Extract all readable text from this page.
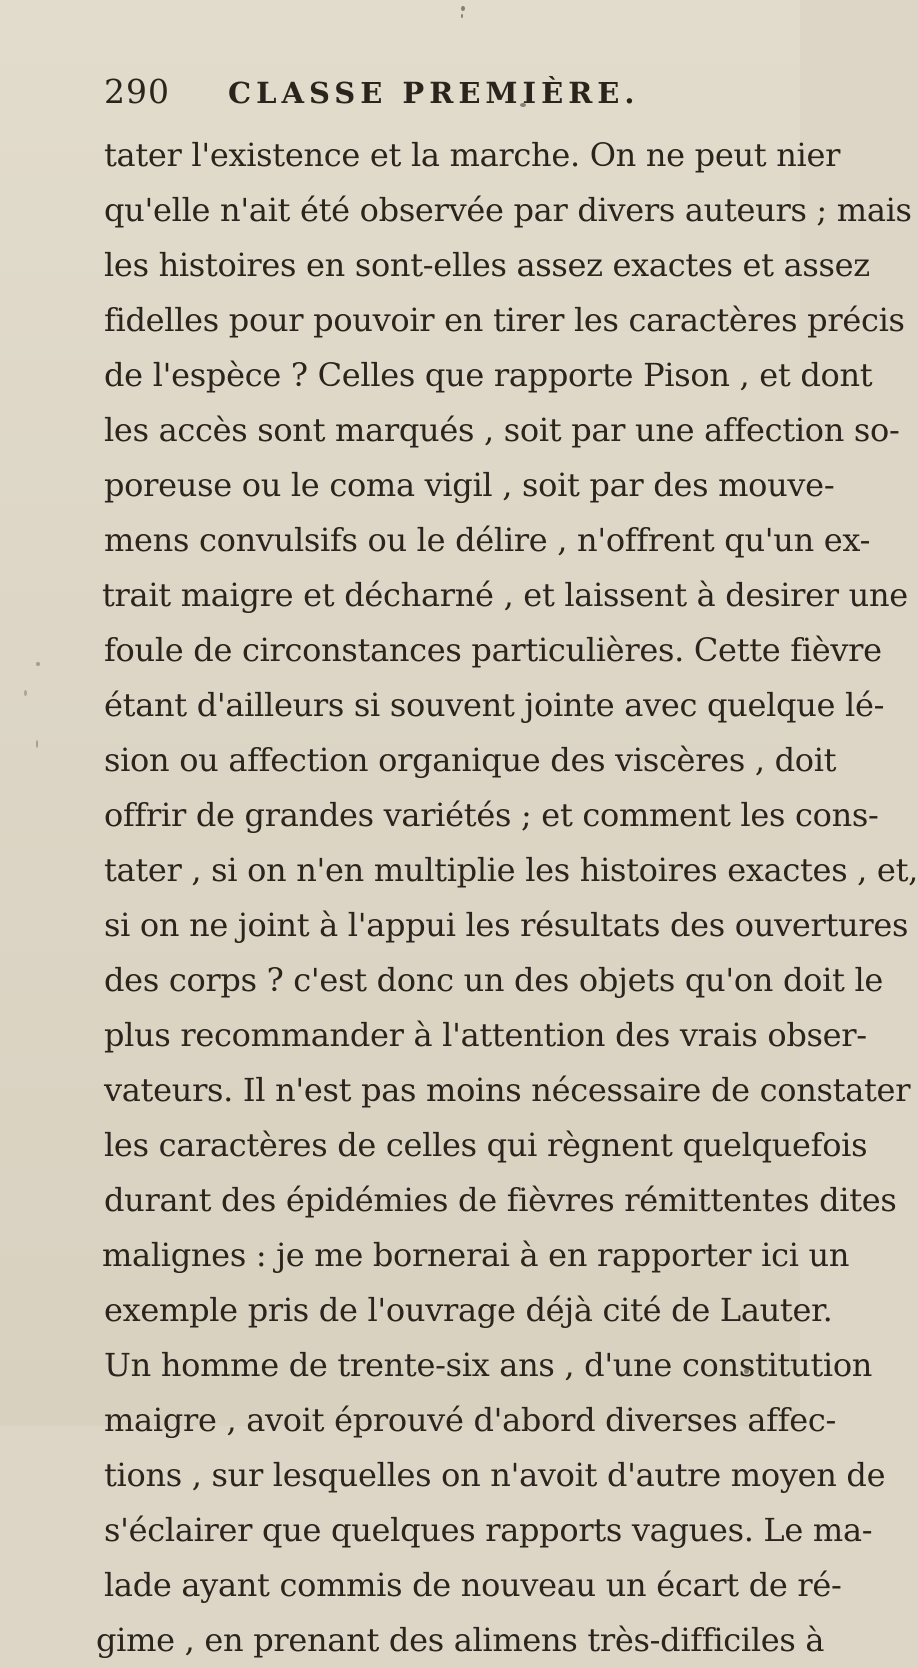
290 CLASSE PREMIÈRE.
tater l'existence et la marche. On ne peut nier
qu'elle n'ait été observée par divers auteurs ; mais
les histoires en sont-elles assez exactes et assez
fidelles pour pouvoir en tirer les caractères précis
de l'espèce ? Celles que rapporte Pison , et dont
les accès sont marqués , soit par une affection so-
poreuse ou le coma vigil , soit par des mouve-
mens convulsifs ou le délire , n'offrent qu'un ex-
trait maigre et décharné , et laissent à desirer une
foule de circonstances particulières. Cette fièvre
étant d'ailleurs si souvent jointe avec quelque lé-
sion ou affection organique des viscères , doit
offrir de grandes variétés ; et comment les cons-
tater , si on n'en multiplie les histoires exactes , et,
si on ne joint à l'appui les résultats des ouvertures
des corps ? c'est donc un des objets qu'on doit le
plus recommander à l'attention des vrais obser-
vateurs. Il n'est pas moins nécessaire de constater
les caractères de celles qui règnent quelquefois
durant des épidémies de fièvres rémittentes dites
malignes : je me bornerai à en rapporter ici un
exemple pris de l'ouvrage déjà cité de Lauter.
Un homme de trente-six ans , d'une constitution
maigre , avoit éprouvé d'abord diverses affec-
tions , sur lesquelles on n'avoit d'autre moyen de
s'éclairer que quelques rapports vagues. Le ma-
lade ayant commis de nouveau un écart de ré-
gime , en prenant des alimens très-difficiles à
